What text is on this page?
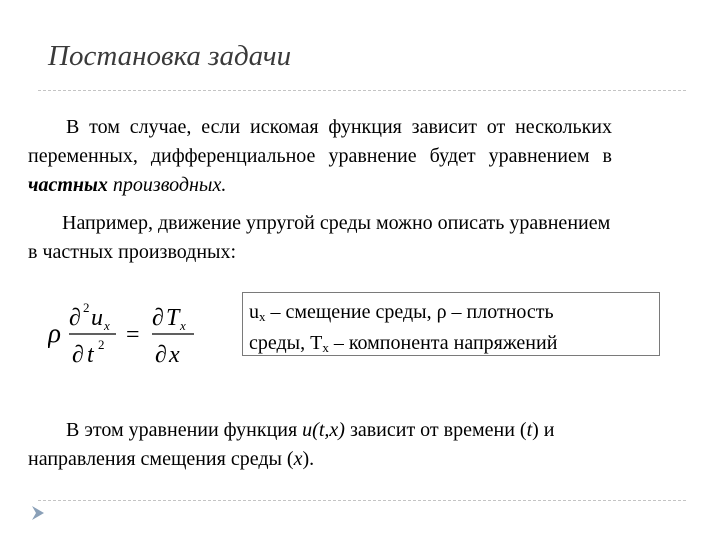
Постановка задачи
В том случае, если искомая функция зависит от нескольких переменных, дифференциальное уравнение будет уравнением в частных производных.
Например, движение упругой среды можно описать уравнением в частных производных:
ρ ∂ 2 u x
∂ t 2 =
∂ T x
∂ x
$u_x$ – смещение среды, ρ – плотность
среды, $T_x$ – компонента напряжений
В этом уравнении функция u(t,x) зависит от времени (t) и направления смещения среды (x).
